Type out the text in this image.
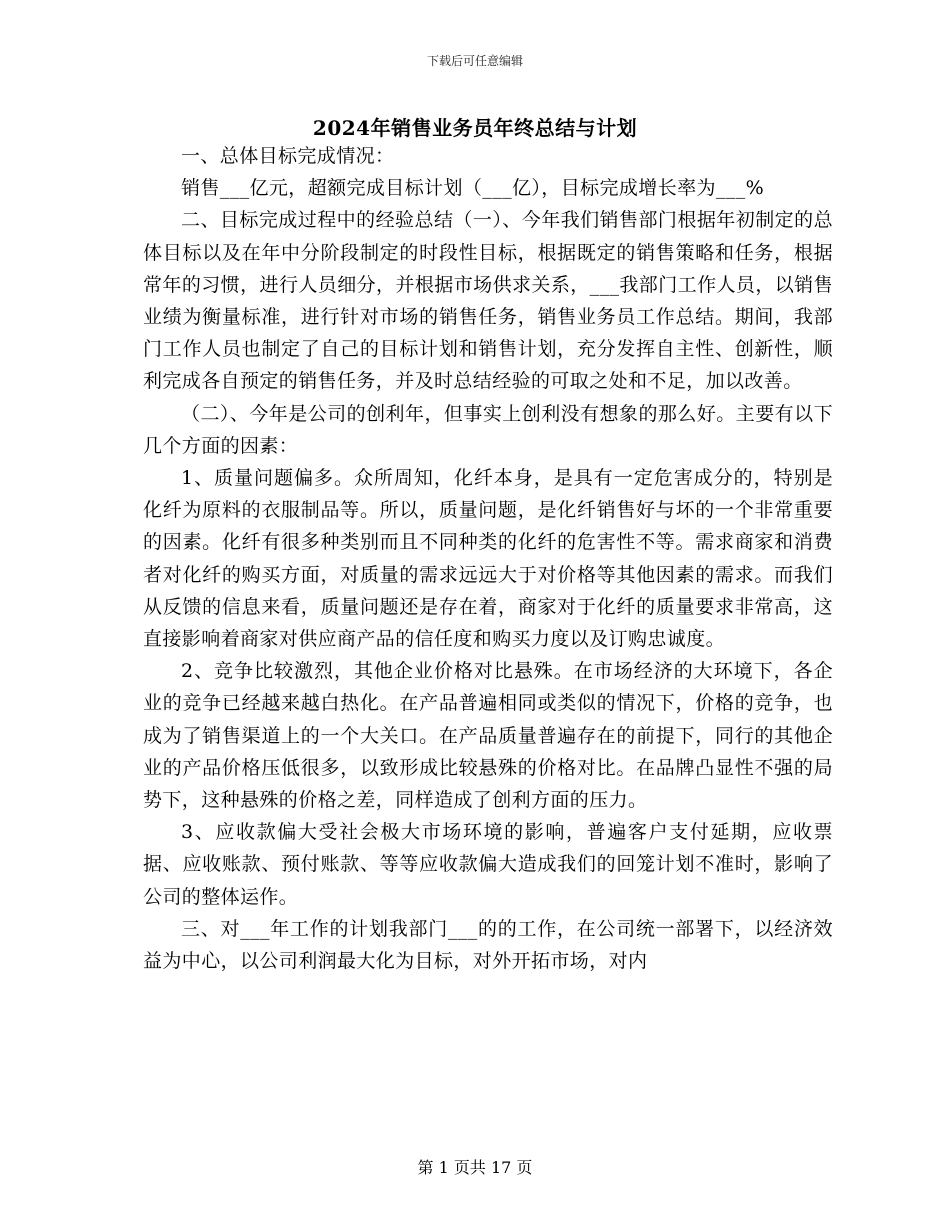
下载后可任意编辑
2024年销售业务员年终总结与计划

一、总体目标完成情况：

销售___亿元，超额完成目标计划（___亿），目标完成增长率为___%

二、目标完成过程中的经验总结（一）、今年我们销售部门根据年初制定的总体目标以及在年中分阶段制定的时段性目标，根据既定的销售策略和任务，根据常年的习惯，进行人员细分，并根据市场供求关系，___我部门工作人员，以销售业绩为衡量标准，进行针对市场的销售任务，销售业务员工作总结。期间，我部门工作人员也制定了自己的目标计划和销售计划，充分发挥自主性、创新性，顺利完成各自预定的销售任务，并及时总结经验的可取之处和不足，加以改善。

（二）、今年是公司的创利年，但事实上创利没有想象的那么好。主要有以下几个方面的因素：

1、质量问题偏多。众所周知，化纤本身，是具有一定危害成分的，特别是化纤为原料的衣服制品等。所以，质量问题，是化纤销售好与坏的一个非常重要的因素。化纤有很多种类别而且不同种类的化纤的危害性不等。需求商家和消费者对化纤的购买方面，对质量的需求远远大于对价格等其他因素的需求。而我们从反馈的信息来看，质量问题还是存在着，商家对于化纤的质量要求非常高，这直接影响着商家对供应商产品的信任度和购买力度以及订购忠诚度。

2、竞争比较激烈，其他企业价格对比悬殊。在市场经济的大环境下，各企业的竞争已经越来越白热化。在产品普遍相同或类似的情况下，价格的竞争，也成为了销售渠道上的一个大关口。在产品质量普遍存在的前提下，同行的其他企业的产品价格压低很多，以致形成比较悬殊的价格对比。在品牌凸显性不强的局势下，这种悬殊的价格之差，同样造成了创利方面的压力。

3、应收款偏大受社会极大市场环境的影响，普遍客户支付延期，应收票据、应收账款、预付账款、等等应收款偏大造成我们的回笼计划不准时，影响了公司的整体运作。

三、对___年工作的计划我部门___的的工作，在公司统一部署下，以经济效益为中心，以公司利润最大化为目标，对外开拓市场，对内

第 1 页共 17 页
